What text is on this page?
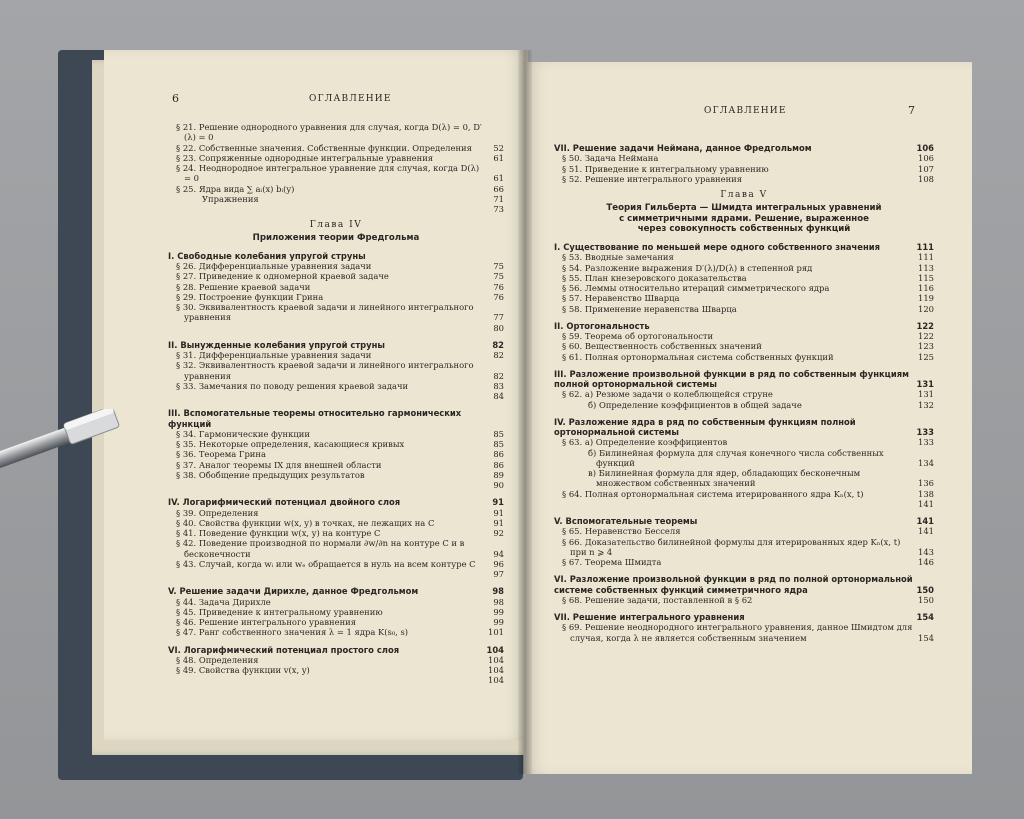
6	ОГЛАВЛЕНИЕ
§ 21. Решение однородного уравнения для случая, когда D(λ) = 0, D′(λ) = 0
§ 22. Собственные значения. Собственные функции. Определения	52
§ 23. Сопряженные однородные интегральные уравнения	61
§ 24. Неоднородное интегральное уравнение для случая, когда D(λ) = 0	61
§ 25. Ядра вида ∑ aᵢ(x) bᵢ(y)	66
Упражнения	71
73
Глава IV
Приложения теории Фредгольма
I. Свободные колебания упругой струны
§ 26. Дифференциальные уравнения задачи	75
§ 27. Приведение к одномерной краевой задаче	75
§ 28. Решение краевой задачи	76
§ 29. Построение функции Грина	76
§ 30. Эквивалентность краевой задачи и линейного интегрального уравнения	77
80
II. Вынужденные колебания упругой струны	82
§ 31. Дифференциальные уравнения задачи	82
§ 32. Эквивалентность краевой задачи и линейного интегрального уравнения	82
§ 33. Замечания по поводу решения краевой задачи	83
84
III. Вспомогательные теоремы относительно гармонических функций
§ 34. Гармонические функции	85
§ 35. Некоторые определения, касающиеся кривых	85
§ 36. Теорема Грина	86
§ 37. Аналог теоремы IX для внешней области	86
§ 38. Обобщение предыдущих результатов	89
90
IV. Логарифмический потенциал двойного слоя	91
§ 39. Определения	91
§ 40. Свойства функции w(x, y) в точках, не лежащих на C	91
§ 41. Поведение функции w(x, y) на контуре C	92
§ 42. Поведение производной по нормали ∂w/∂n на контуре C и в бесконечности	94
§ 43. Случай, когда wᵢ или wₑ обращается в нуль на всем контуре C	96
97
V. Решение задачи Дирихле, данное Фредгольмом	98
§ 44. Задача Дирихле	98
§ 45. Приведение к интегральному уравнению	99
§ 46. Решение интегрального уравнения	99
§ 47. Ранг собственного значения λ = 1 ядра K(s₀, s)	101
VI. Логарифмический потенциал простого слоя	104
§ 48. Определения	104
§ 49. Свойства функции v(x, y)	104
104
ОГЛАВЛЕНИЕ	7
VII. Решение задачи Неймана, данное Фредгольмом	106
§ 50. Задача Неймана	106
§ 51. Приведение к интегральному уравнению	107
§ 52. Решение интегрального уравнения	108
Глава V
Теория Гильберта — Шмидта интегральных уравнений
с симметричными ядрами. Решение, выраженное
через совокупность собственных функций
I. Существование по меньшей мере одного собственного значения	111
§ 53. Вводные замечания	111
§ 54. Разложение выражения D′(λ)/D(λ) в степенной ряд	113
§ 55. План кнезеровского доказательства	115
§ 56. Леммы относительно итераций симметрического ядра	116
§ 57. Неравенство Шварца	119
§ 58. Применение неравенства Шварца	120
II. Ортогональность	122
§ 59. Теорема об ортогональности	122
§ 60. Вещественность собственных значений	123
§ 61. Полная ортонормальная система собственных функций	125
III. Разложение произвольной функции в ряд по собственным функциям полной ортонормальной системы	131
§ 62. а) Резюме задачи о колеблющейся струне	131
б) Определение коэффициентов в общей задаче	132
IV. Разложение ядра в ряд по собственным функциям полной ортонормальной системы	133
§ 63. а) Определение коэффициентов	133
б) Билинейная формула для случая конечного числа собственных функций	134
в) Билинейная формула для ядер, обладающих бесконечным множеством собственных значений	136
§ 64. Полная ортонормальная система итерированного ядра Kₙ(x, t)	138
141
V. Вспомогательные теоремы	141
§ 65. Неравенство Бесселя	141
§ 66. Доказательство билинейной формулы для итерированных ядер Kₙ(x, t) при n ⩾ 4	143
§ 67. Теорема Шмидта	146
VI. Разложение произвольной функции в ряд по полной ортонормальной системе собственных функций симметричного ядра	150
§ 68. Решение задачи, поставленной в § 62	150
VII. Решение интегрального уравнения	154
§ 69. Решение неоднородного интегрального уравнения, данное Шмидтом для случая, когда λ не является собственным значением	154
